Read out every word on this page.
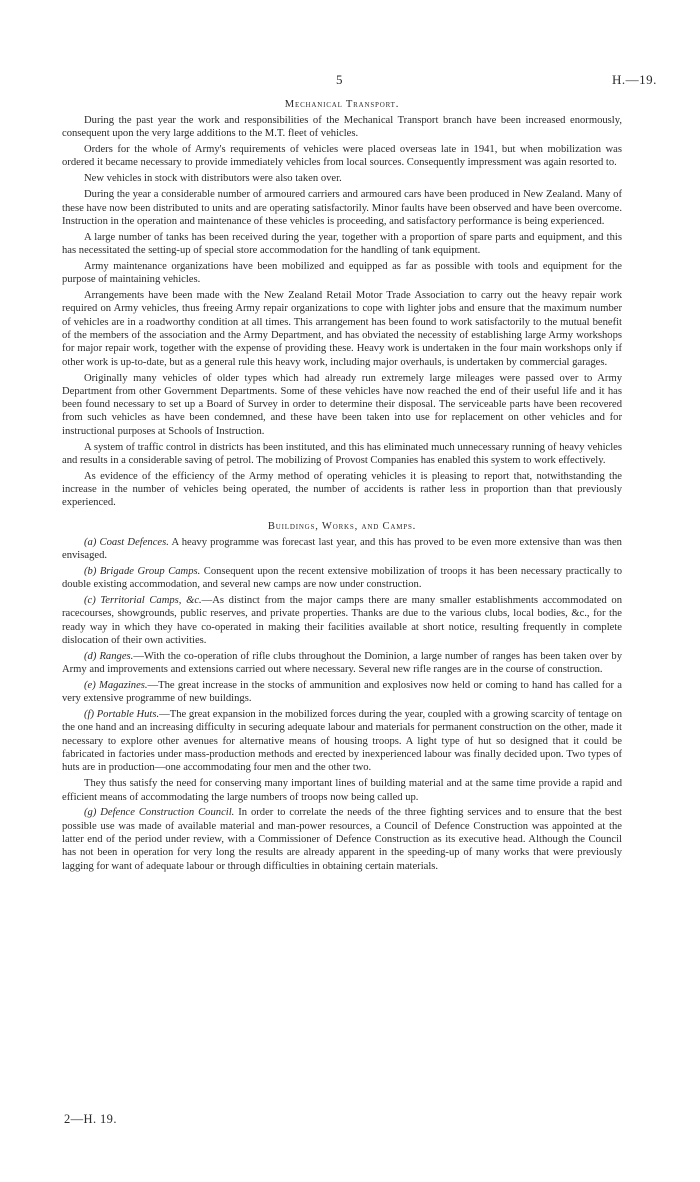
5	H.—19.
Mechanical Transport.

During the past year the work and responsibilities of the Mechanical Transport branch have been increased enormously, consequent upon the very large additions to the M.T. fleet of vehicles.

Orders for the whole of Army's requirements of vehicles were placed overseas late in 1941, but when mobilization was ordered it became necessary to provide immediately vehicles from local sources. Consequently impressment was again resorted to.

New vehicles in stock with distributors were also taken over.

During the year a considerable number of armoured carriers and armoured cars have been produced in New Zealand. Many of these have now been distributed to units and are operating satisfactorily. Minor faults have been observed and have been overcome. Instruction in the operation and maintenance of these vehicles is proceeding, and satisfactory performance is being experienced.

A large number of tanks has been received during the year, together with a proportion of spare parts and equipment, and this has necessitated the setting-up of special store accommodation for the handling of tank equipment.

Army maintenance organizations have been mobilized and equipped as far as possible with tools and equipment for the purpose of maintaining vehicles.

Arrangements have been made with the New Zealand Retail Motor Trade Association to carry out the heavy repair work required on Army vehicles, thus freeing Army repair organizations to cope with lighter jobs and ensure that the maximum number of vehicles are in a roadworthy condition at all times. This arrangement has been found to work satisfactorily to the mutual benefit of the members of the association and the Army Department, and has obviated the necessity of establishing large Army workshops for major repair work, together with the expense of providing these. Heavy work is undertaken in the four main workshops only if other work is up-to-date, but as a general rule this heavy work, including major overhauls, is undertaken by commercial garages.

Originally many vehicles of older types which had already run extremely large mileages were passed over to Army Department from other Government Departments. Some of these vehicles have now reached the end of their useful life and it has been found necessary to set up a Board of Survey in order to determine their disposal. The serviceable parts have been recovered from such vehicles as have been condemned, and these have been taken into use for replacement on other vehicles and for instructional purposes at Schools of Instruction.

A system of traffic control in districts has been instituted, and this has eliminated much unnecessary running of heavy vehicles and results in a considerable saving of petrol. The mobilizing of Provost Companies has enabled this system to work effectively.

As evidence of the efficiency of the Army method of operating vehicles it is pleasing to report that, notwithstanding the increase in the number of vehicles being operated, the number of accidents is rather less in proportion than that previously experienced.

Buildings, Works, and Camps.

(a) Coast Defences. A heavy programme was forecast last year, and this has proved to be even more extensive than was then envisaged.

(b) Brigade Group Camps. Consequent upon the recent extensive mobilization of troops it has been necessary practically to double existing accommodation, and several new camps are now under construction.

(c) Territorial Camps, &c.—As distinct from the major camps there are many smaller establishments accommodated on racecourses, showgrounds, public reserves, and private properties. Thanks are due to the various clubs, local bodies, &c., for the ready way in which they have co-operated in making their facilities available at short notice, resulting frequently in complete dislocation of their own activities.

(d) Ranges.—With the co-operation of rifle clubs throughout the Dominion, a large number of ranges has been taken over by Army and improvements and extensions carried out where necessary. Several new rifle ranges are in the course of construction.

(e) Magazines.—The great increase in the stocks of ammunition and explosives now held or coming to hand has called for a very extensive programme of new buildings.

(f) Portable Huts.—The great expansion in the mobilized forces during the year, coupled with a growing scarcity of tentage on the one hand and an increasing difficulty in securing adequate labour and materials for permanent construction on the other, made it necessary to explore other avenues for alternative means of housing troops. A light type of hut so designed that it could be fabricated in factories under mass-production methods and erected by inexperienced labour was finally decided upon. Two types of huts are in production—one accommodating four men and the other two.

They thus satisfy the need for conserving many important lines of building material and at the same time provide a rapid and efficient means of accommodating the large numbers of troops now being called up.

(g) Defence Construction Council. In order to correlate the needs of the three fighting services and to ensure that the best possible use was made of available material and man-power resources, a Council of Defence Construction was appointed at the latter end of the period under review, with a Commissioner of Defence Construction as its executive head. Although the Council has not been in operation for very long the results are already apparent in the speeding-up of many works that were previously lagging for want of adequate labour or through difficulties in obtaining certain materials.

2—H. 19.
